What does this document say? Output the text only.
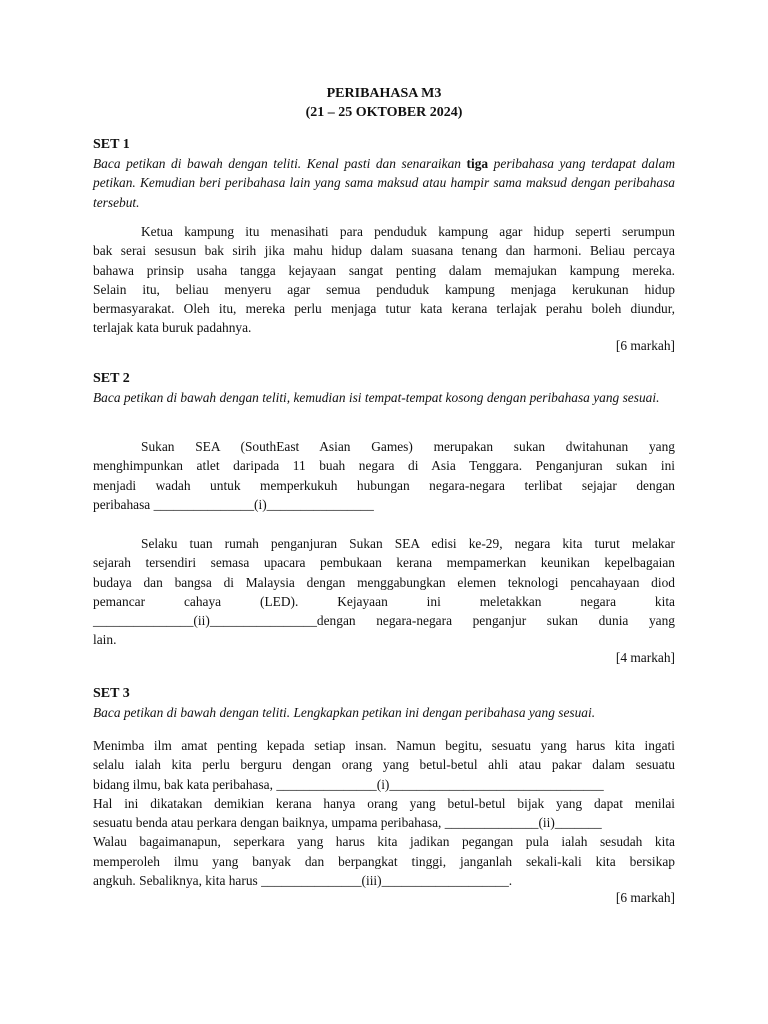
PERIBAHASA M3
(21 – 25 OKTOBER 2024)
SET 1
Baca petikan di bawah dengan teliti. Kenal pasti dan senaraikan tiga peribahasa yang terdapat dalam petikan. Kemudian beri peribahasa lain yang sama maksud atau hampir sama maksud dengan peribahasa tersebut.
Ketua kampung itu menasihati para penduduk kampung agar hidup seperti serumpun
bak serai sesusun bak sirih jika mahu hidup dalam suasana tenang dan harmoni. Beliau percaya
bahawa prinsip usaha tangga kejayaan sangat penting dalam memajukan kampung mereka.
Selain itu, beliau menyeru agar semua penduduk kampung menjaga kerukunan hidup
bermasyarakat. Oleh itu, mereka perlu menjaga tutur kata kerana terlajak perahu boleh diundur,
terlajak kata buruk padahnya.
[6 markah]
SET 2
Baca petikan di bawah dengan teliti, kemudian isi tempat-tempat kosong dengan peribahasa yang sesuai.
Sukan SEA (SouthEast Asian Games) merupakan sukan dwitahunan yang
menghimpunkan atlet daripada 11 buah negara di Asia Tenggara. Penganjuran sukan ini
menjadi wadah untuk memperkukuh hubungan negara-negara terlibat sejajar dengan
peribahasa _______________(i)________________
Selaku tuan rumah penganjuran Sukan SEA edisi ke-29, negara kita turut melakar
sejarah tersendiri semasa upacara pembukaan kerana mempamerkan keunikan kepelbagaian
budaya dan bangsa di Malaysia dengan menggabungkan elemen teknologi pencahayaan diod
pemancar cahaya (LED). Kejayaan ini meletakkan negara kita
_______________(ii)________________dengan negara-negara penganjur sukan dunia yang
lain.
[4 markah]
SET 3
Baca petikan di bawah dengan teliti. Lengkapkan petikan ini dengan peribahasa yang sesuai.
Menimba ilm amat penting kepada setiap insan. Namun begitu, sesuatu yang harus kita ingati
selalu ialah kita perlu berguru dengan orang yang betul-betul ahli atau pakar dalam sesuatu
bidang ilmu, bak kata peribahasa, _______________(i)________________________________
Hal ini dikatakan demikian kerana hanya orang yang betul-betul bijak yang dapat menilai
sesuatu benda atau perkara dengan baiknya, umpama peribahasa, ______________(ii)_______
Walau bagaimanapun, seperkara yang harus kita jadikan pegangan pula ialah sesudah kita
memperoleh ilmu yang banyak dan berpangkat tinggi, janganlah sekali-kali kita bersikap
angkuh. Sebaliknya, kita harus _______________(iii)___________________.
[6 markah]
